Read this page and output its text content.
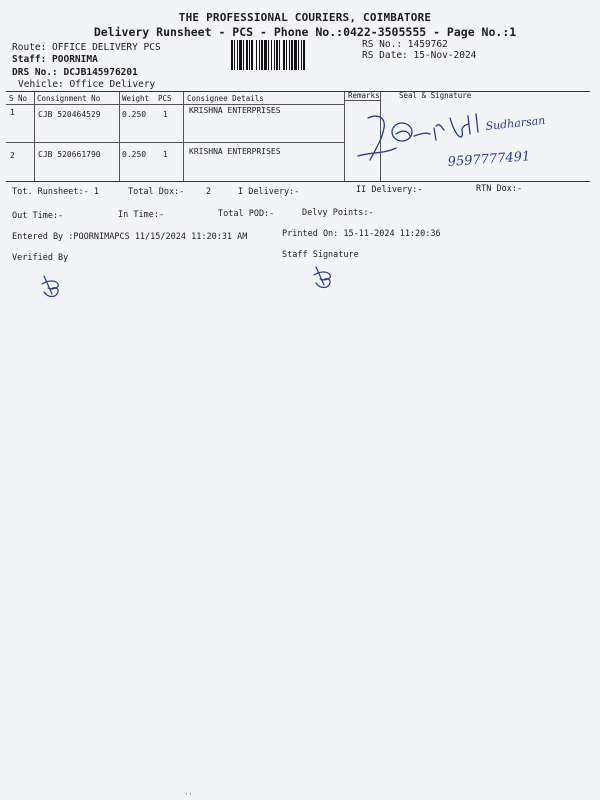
THE PROFESSIONAL COURIERS, COIMBATORE
Delivery Runsheet - PCS - Phone No.:0422-3505555 - Page No.:1
Route: OFFICE DELIVERY PCS
Staff: POORNIMA
DRS No.: DCJB145976201
Vehicle: Office Delivery
RS No.: 1459762
RS Date: 15-Nov-2024
S No Consignment No	Weight PCS Consignee Details	Remarks	Seal & Signature
1	CJB 520464529	0.250 1	KRISHNA ENTERPRISES
2	CJB 520661790	0.250 1	KRISHNA ENTERPRISES
Sudharsan
9597777491
Tot. Runsheet:- 1	Total Dox:-	2	I Delivery:-	II Delivery:-	RTN Dox:-
Out Time:-	In Time:-	Total POD:-	Delvy Points:-
Entered By :POORNIMAPCS 11/15/2024 11:20:31 AM	Printed On: 15-11-2024 11:20:36
Verified By	Staff Signature
''
